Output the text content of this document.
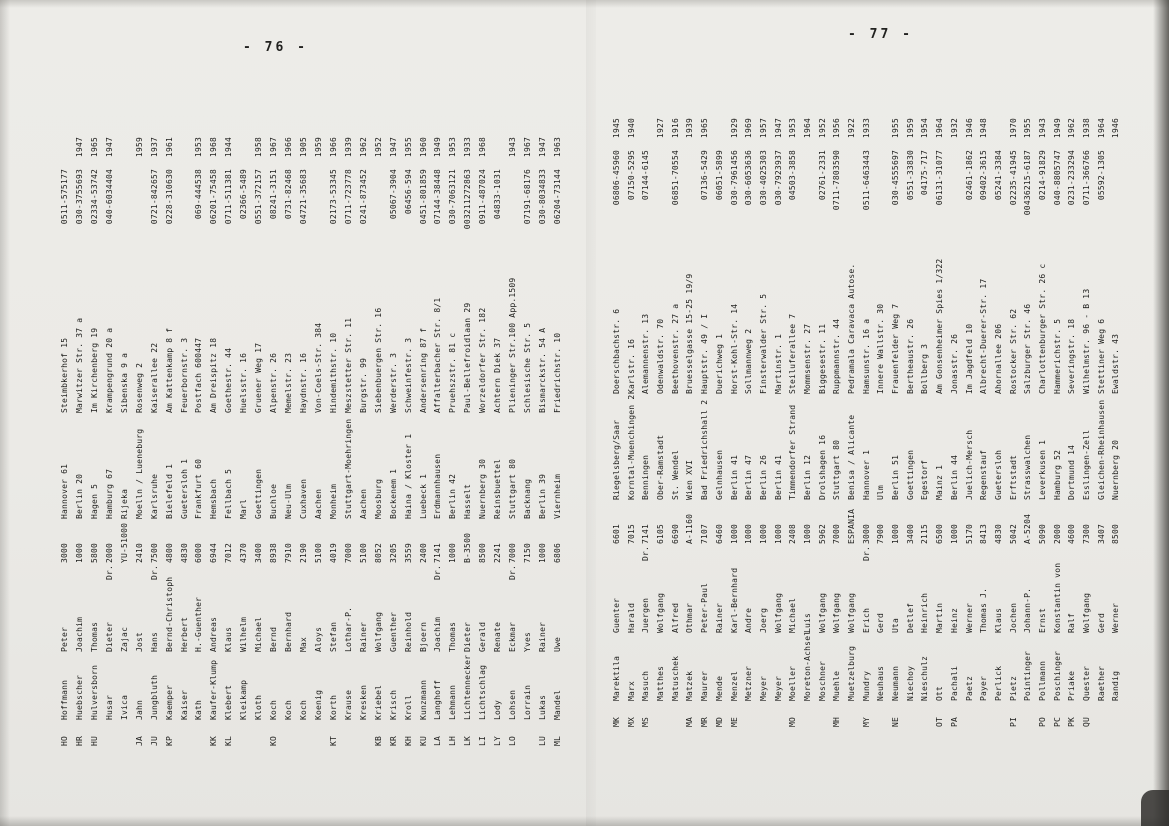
- 76 -
- 77 -
HOHoffmannPeter3000Hannover 61Steimbkerhof 150511-575177
HRHuebscherJoachim1000Berlin 20Marwitzer Str. 37 a030-37556931947
HUHulversbornThomas5800Hagen 5Im Kirchenberg 1902334-537421965
HusarDieterDr.2000Hamburg 67Krampengrund 20 a040-60344041947
IvicaZajacYU-51000RijekaSibenska 9 a
JAJahnJost2410Moelln / LueneburgRosenweg 21959
JUJungbluthHansDr.7500KarlsruheKaiserallee 220721-8426571937
KPKaemperBernd-Christoph4800Bielefeld 1Am Kattenkamp 8 f0228-3106301961
KaiserHerbert4830Guetersloh 1Feuerbornstr. 3
KathH.-Guenther6000Frankfurt 60Postfach 600447069-4445381953
KKKaufer-KlumpAndreas6944HemsbachAm Dreispitz 1806201-754581968
KLKlebertKlaus7012Fellbach 5Goethestr. 440711-5113811944
KleikampWilhelm4370MarlHuelsstr. 1602366-5489
KlothMichael3400GoettingenGruener Weg 170551-3721571958
KOKochBernd8938BuchloeAlpenstr. 2608241-31511967
KochBernhard7910Neu-UlmMemelstr. 230731-824681966
KochMax2190CuxhavenHaydnstr. 1604721-356831905
KoenigAloys5100AachenVon-Coels-Str. 3841959
KTKorthStefan4019MonheimHindemithstr. 1002173-533451966
KrauseLothar-P.7000Stuttgart-MoehringenMeszstetter Str. 110711-7237781939
KreskenRainer5100AachenBurgstr. 990241-8734521962
KBKriebelWolfgang8052MoosburgSiebenbuergen Str. 161952
KRKrischGuenther3205Bockenem 1Werderstr. 305067-39041947
KHKrollReinhold3559Haina / Kloster 1Schweinfestr. 306456-5941955
KUKunzmannBjoern2400Luebeck 1Andersenring 87 f0451-8018591960
LALanghoffJoachimDr.7141ErdmannhausenAffalterbacher Str. 8/107144-384481949
LHLehmannThomas1000Berlin 42Pruehszstr. 81 c030-70631211953
LKLichtenneckerDieterB-3500HasseltPaul-Bellefroidlaan 290032112728631933
LILichtschlagGerald8500Nuernberg 30Worzeldorfer Str. 1820911-4870241968
LYLodyRenate2241ReinsbuettelAchtern Diek 3704833-1031
LOLohsenEckmarDr.7000Stuttgart 80Plieninger Str.100 App.15091943
LorrainYves7150BacknangSchlesische Str. 507191-681761967
LULukasRainer1000Berlin 39Bismarckstr. 54 A030-80348331947
MLMandelUwe6806ViernheimFriedrichstr. 1006204-731441963
MKMarektilaGuenter6601Riegelsberg/SaarDoerschbachstr. 606806-459601945
MXMarxHarald7015Korntal-Muenchingen 2Karlstr. 1607150-52951940
MSMasuchJuergenDr.7141BenningenAlemannenstr. 1307144-6145
MatthesWolfgang6105Ober-RamstadtOdenwaldstr. 701927
MatuschekAlfred6690St. WendelBeethovenstr. 27 a06851-705541916
MAMatzekOthmarA-1160Wien XVIBruesselgasse 15-25 19/91939
MRMaurerPeter-Paul7107Bad Friedrichshall 2Hauptstr. 49 / I07136-54291965
MDMendeRainer6460GelnhausenDuerichweg 106051-5899
MEMenzelKarl-Bernhard1000Berlin 41Horst-Kohl-Str. 14030-79614561929
MetznerAndre1000Berlin 47Sollmannweg 2030-60536361969
MeyerJoerg1000Berlin 26Finsterwalder Str. 5030-40253031957
MeyerWolfgang1000Berlin 41Martinstr. 1030-79239371947
MOMoellerMichael2408Timmendorfer StrandSteiluferallee 704503-38581953
Moreton-AchselLuis1000Berlin 12Mommsenstr. 271964
MoschnerWolfgang5962Drolshagen 16Biggesestr. 1102761-23311952
MHMuehleWolfgang7000Stuttgart 80Ruppmannstr. 440711-78035901956
MuetzelburgWolfgangESPANIABenisa / AlicantePedramala Caravaca Autose.1922
MYMundryErichDr.3000Hannover 1Hamsunstr. 16 a0511-64634431933
NeuhausGerd7900UlmInnere Wallstr. 30
NENeumannUta1000Berlin 51Frauenfelder Weg 7030-45556971955
NiechoyDetlef3400GoettingenBertheaustr. 260551-338301959
NieschulzHeinrich2115EgestorfBollberg 304175-7171954
OTOttMartin6500Mainz 1Am Gonsenheimer Spies 1/32206131-310771964
PAPachaliHeinz1000Berlin 44Jonasstr. 261932
PaetzWerner5170Juelich-MerschIm Jagdfeld 1002461-18621946
PayerThomas J.8413RegenstaufAlbrecht-Duerer-Str. 1709402-36151948
PerlickKlaus4830GueterslohAhornallee 20605241-3384
PIPietzJochen5042ErftstadtRostocker Str. 6202235-419451970
PointingerJohann-P.A-5204StrasswalchenSalzburger Str. 4600436215-61871955
POPollmannErnst5090Leverkusen 1Charlottenburger Str. 26 c0214-918291943
PCPoschingerKonstantin von2000Hamburg 52Hammerichstr. 5040-88057471949
PKPriakeRalf4600Dortmund 14Severingstr. 180231-2332941962
QUQuesterWolfgang7300Esslingen-ZellWilhelmstr. 96 - B 130711-3667661938
RaetherGerd3407Gleichen-RheinhausenStettiner Weg 605592-13051964
RandigWerner8500Nuernberg 20Ewaldstr. 431946
